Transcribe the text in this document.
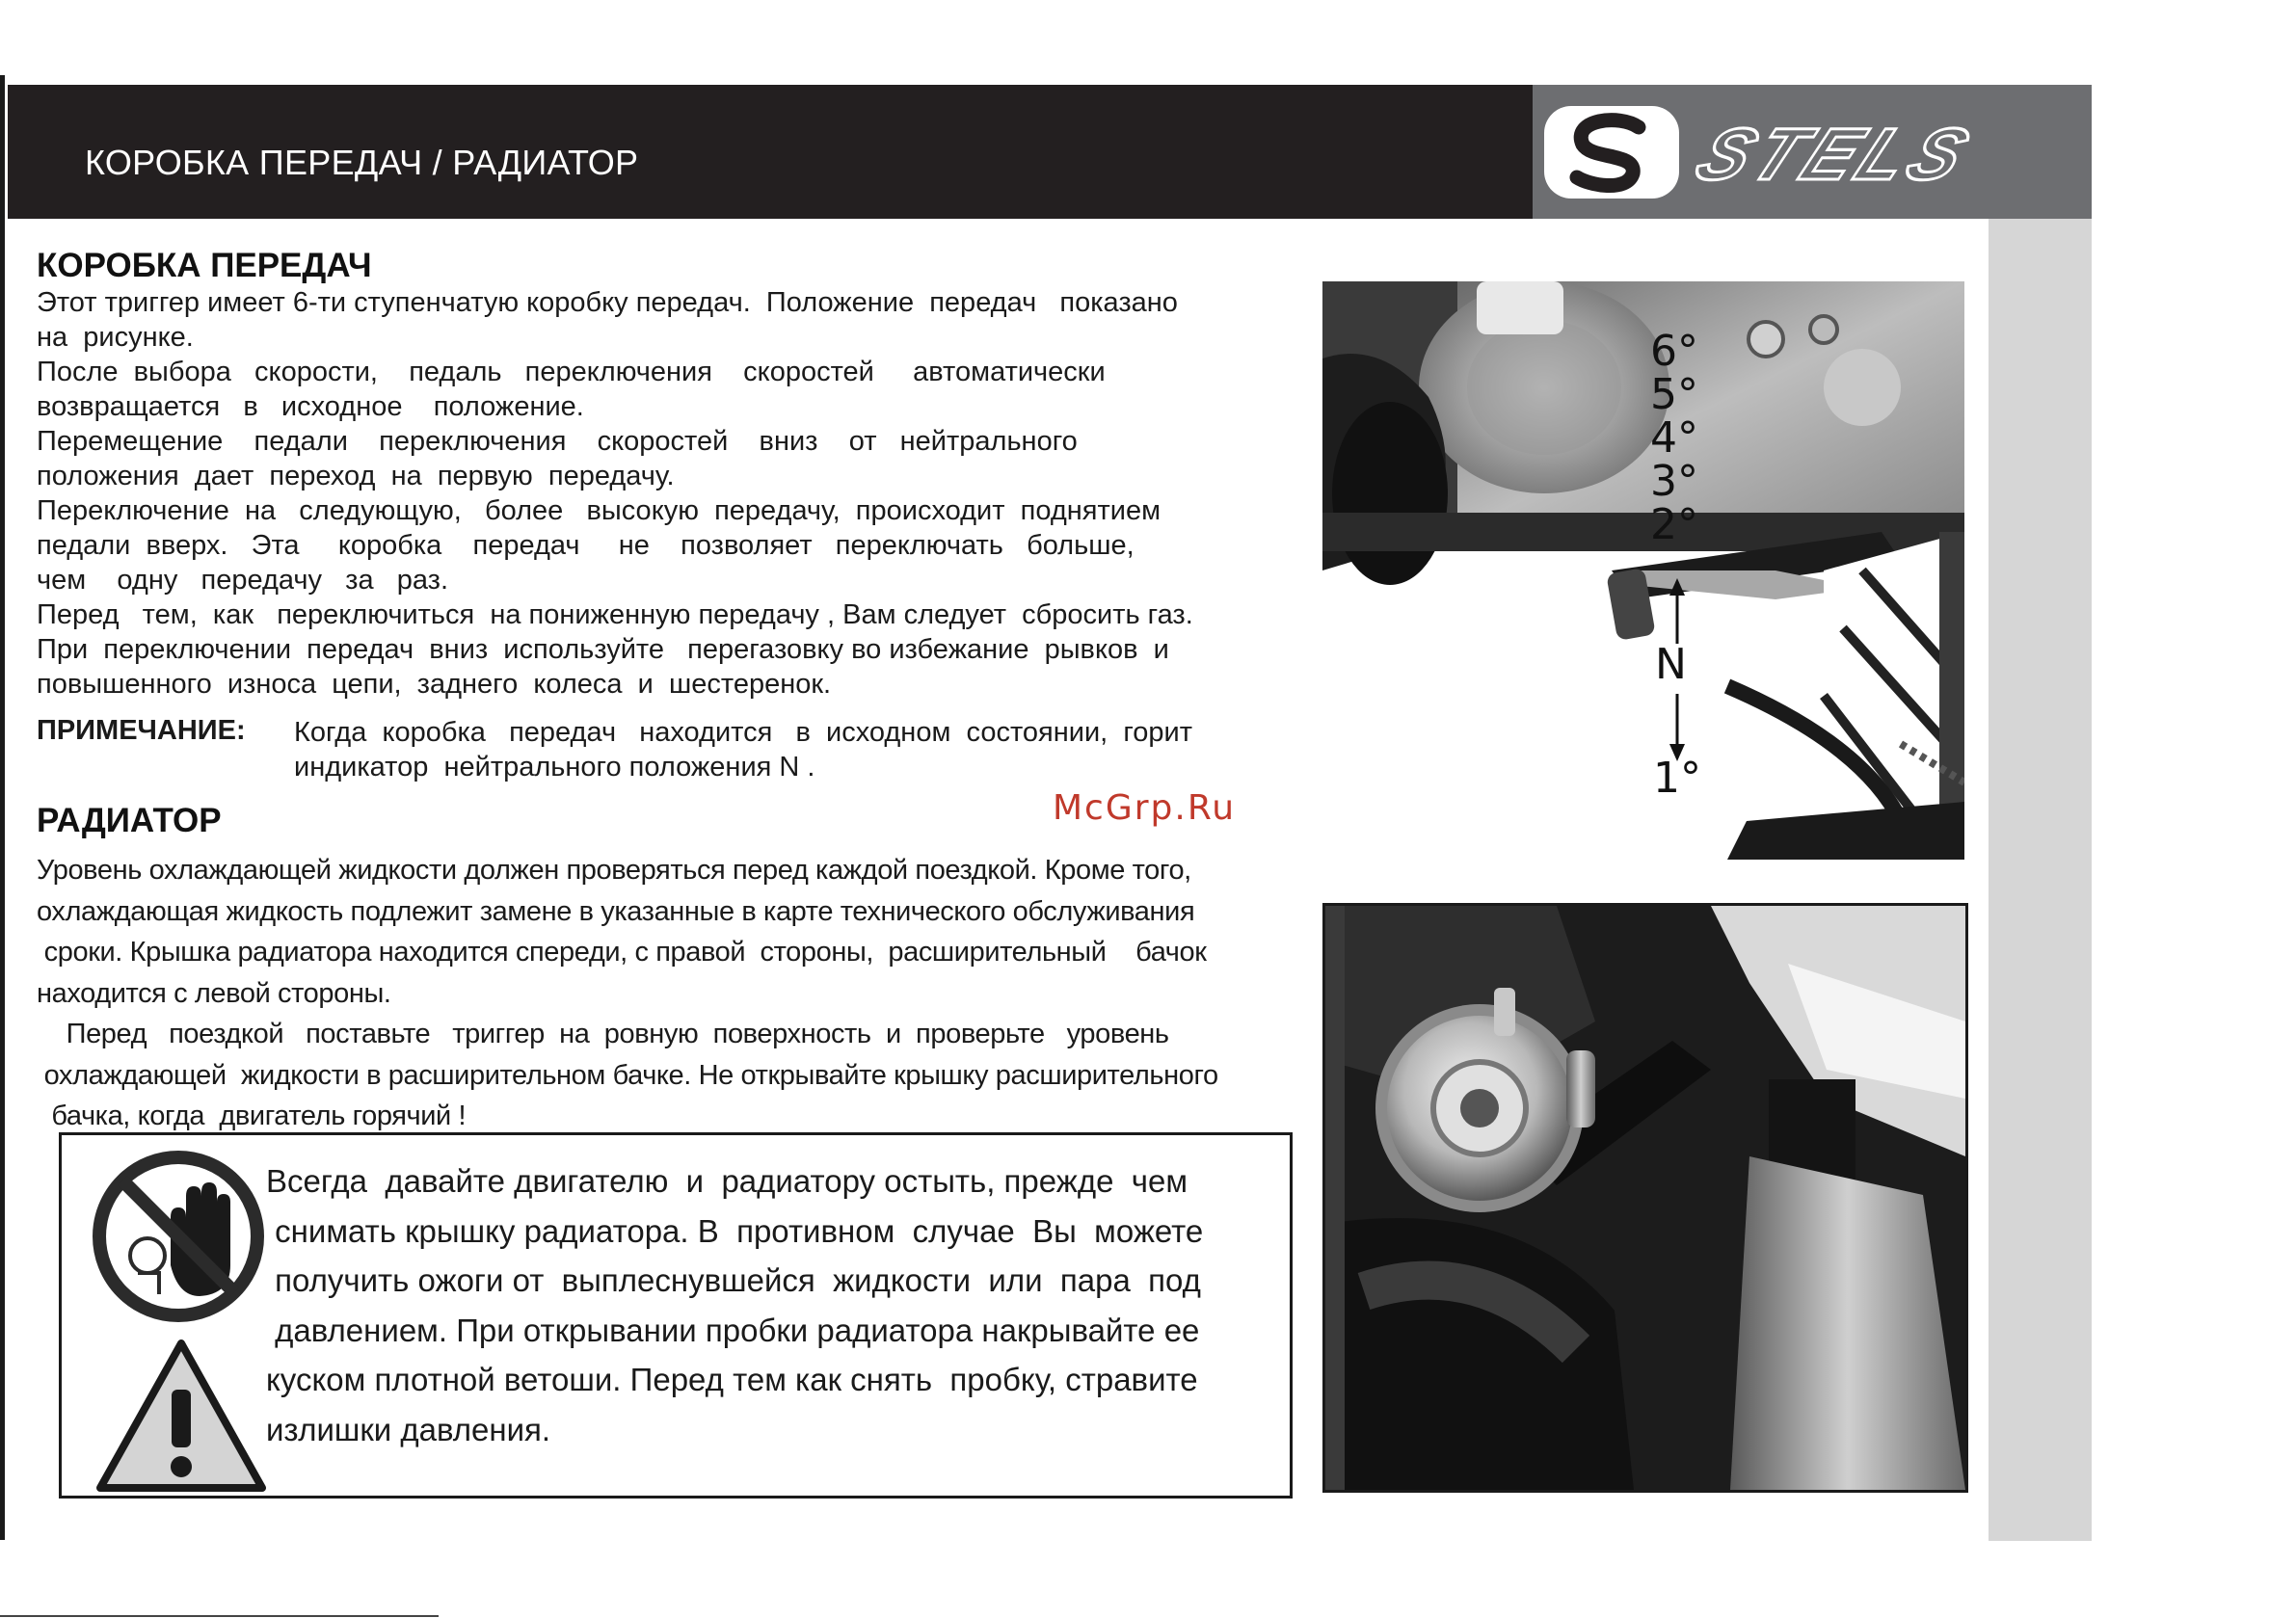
КОРОБКА ПЕРЕДАЧ / РАДИАТОР	STELS
КОРОБКА ПЕРЕДАЧ
Этот триггер имеет 6-ти ступенчатую коробку передач.  Положение  передач   показано
на  рисунке.
После  выбора   скорости,    педаль   переключения    скоростей     автоматически
возвращается   в   исходное    положение.
Перемещение    педали    переключения    скоростей    вниз    от   нейтрального
положения  дает  переход  на  первую  передачу.
Переключение  на   следующую,   более   высокую  передачу,  происходит  поднятием
педали  вверх.   Эта     коробка    передач     не    позволяет   переключать   больше,
чем    одну   передачу   за   раз.
Перед   тем,  как   переключиться  на пониженную передачу , Вам следует  сбросить газ.
При  переключении  передач  вниз  используйте   перегазовку во избежание  рывков  и
повышенного  износа  цепи,  заднего  колеса  и  шестеренок.
ПРИМЕЧАНИЕ: Когда  коробка   передач   находится   в  исходном  состоянии,  горит
индикатор  нейтрального положения N .
РАДИАТОР
Уровень охлаждающей жидкости должен проверяться перед каждой поездкой. Кроме того,
охлаждающая жидкость подлежит замене в указанные в карте технического обслуживания
сроки. Крышка радиатора находится спереди, с правой  стороны,  расширительный    бачок
находится с левой стороны.
Перед   поездкой   поставьте   триггер  на  ровную  поверхность  и  проверьте   уровень
охлаждающей  жидкости в расширительном бачке. Не открывайте крышку расширительного
бачка, когда  двигатель горячий !
Всегда  давайте двигателю  и  радиатору остыть, прежде  чем
снимать крышку радиатора. В  противном  случае  Вы  можете
получить ожоги от  выплеснувшейся  жидкости  или  пара  под
давлением. При открывании пробки радиатора накрывайте ее
куском плотной ветоши. Перед тем как снять  пробку, стравите
излишки давления.
McGrp.Ru
6°
5°
4°
3°
2°
N
1°
